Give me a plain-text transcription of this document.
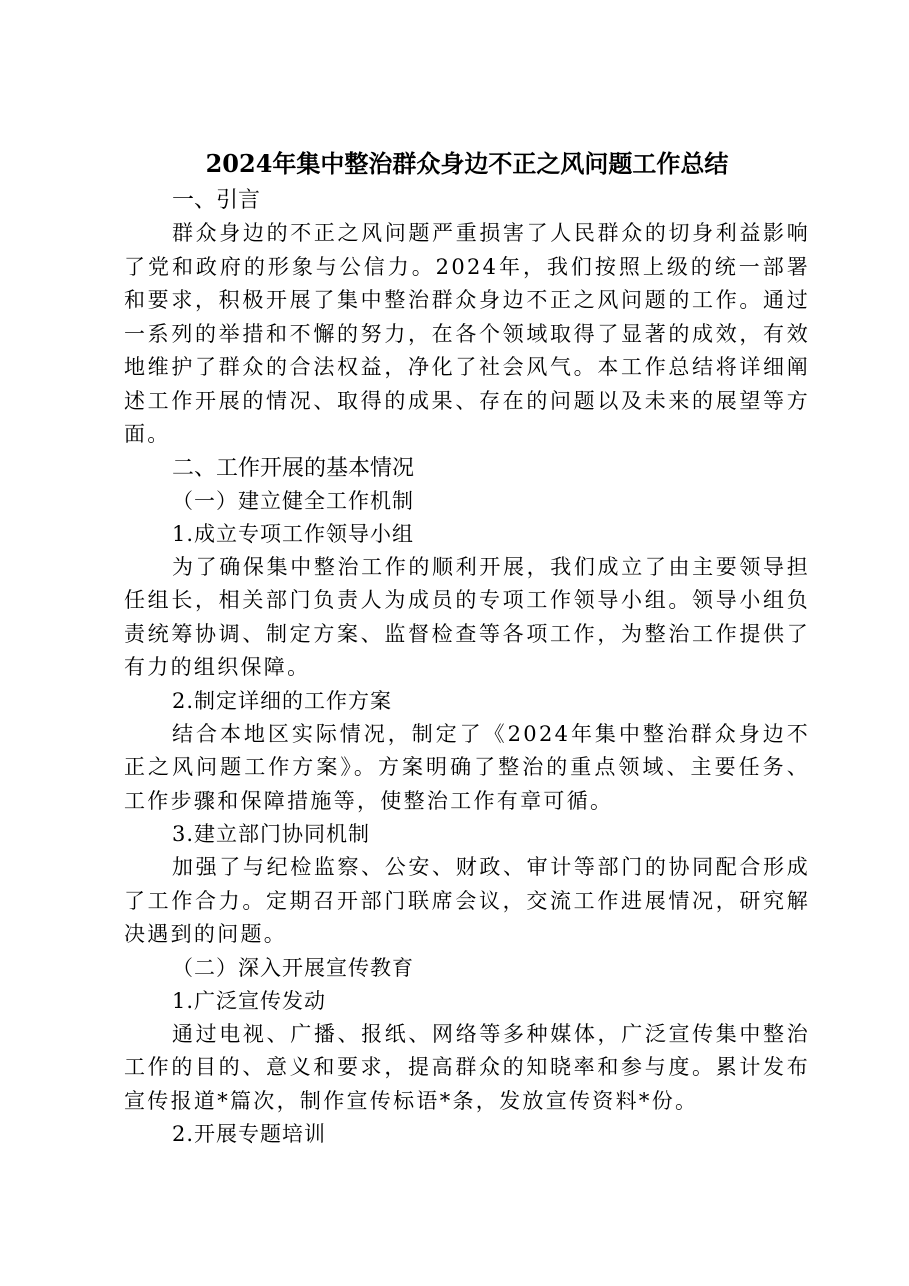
2024年集中整治群众身边不正之风问题工作总结

一、引言

群众身边的不正之风问题严重损害了人民群众的切身利益影响了党和政府的形象与公信力。2024年，我们按照上级的统一部署和要求，积极开展了集中整治群众身边不正之风问题的工作。通过一系列的举措和不懈的努力，在各个领域取得了显著的成效，有效地维护了群众的合法权益，净化了社会风气。本工作总结将详细阐述工作开展的情况、取得的成果、存在的问题以及未来的展望等方面。

二、工作开展的基本情况

（一）建立健全工作机制

1.成立专项工作领导小组

为了确保集中整治工作的顺利开展，我们成立了由主要领导担任组长，相关部门负责人为成员的专项工作领导小组。领导小组负责统筹协调、制定方案、监督检查等各项工作，为整治工作提供了有力的组织保障。

2.制定详细的工作方案

结合本地区实际情况，制定了《2024年集中整治群众身边不正之风问题工作方案》。方案明确了整治的重点领域、主要任务、工作步骤和保障措施等，使整治工作有章可循。

3.建立部门协同机制

加强了与纪检监察、公安、财政、审计等部门的协同配合形成了工作合力。定期召开部门联席会议，交流工作进展情况，研究解决遇到的问题。

（二）深入开展宣传教育

1.广泛宣传发动

通过电视、广播、报纸、网络等多种媒体，广泛宣传集中整治工作的目的、意义和要求，提高群众的知晓率和参与度。累计发布宣传报道*篇次，制作宣传标语*条，发放宣传资料*份。

2.开展专题培训
